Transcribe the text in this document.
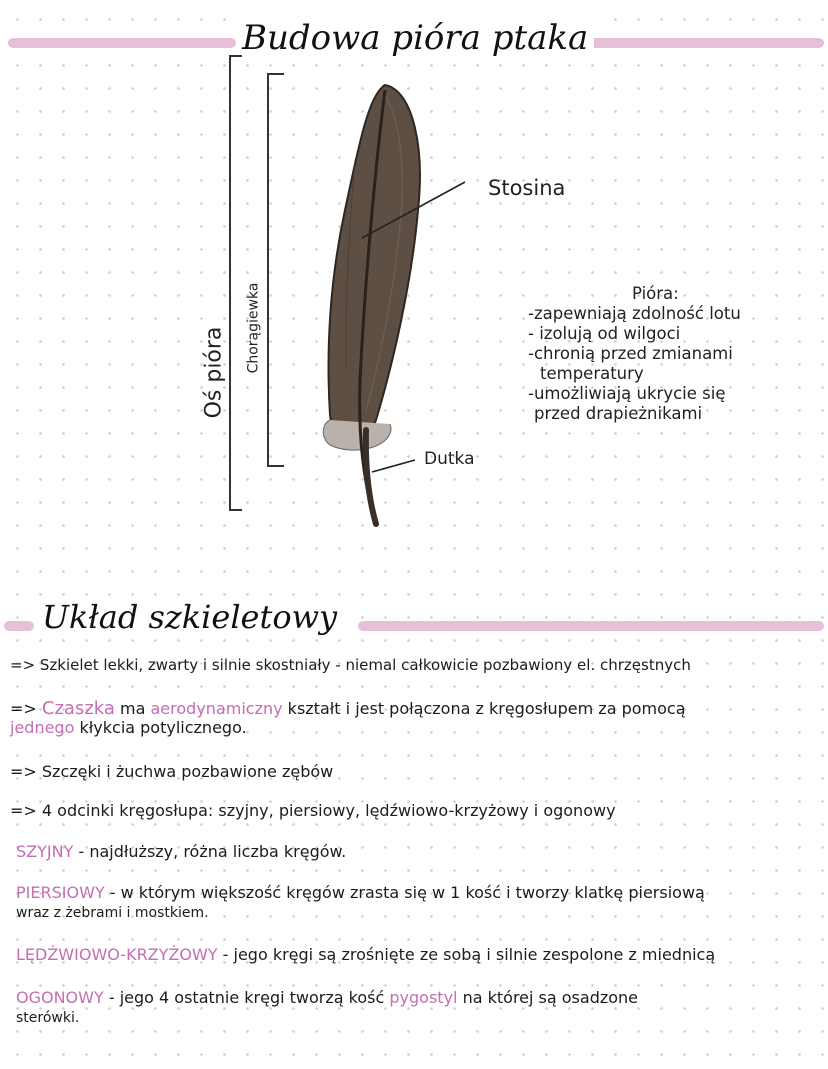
Budowa pióra ptaka
Oś pióra Chorągiewka
Stosina
Dutka
Pióra:
-zapewniają zdolność lotu
- izolują od wilgoci
-chronią przed zmianami
temperatury
-umożliwiają ukrycie się
przed drapieżnikami
Układ szkieletowy
=> Szkielet lekki, zwarty i silnie skostniały - niemal całkowicie pozbawiony el. chrzęstnych
=> Czaszka ma aerodynamiczny kształt i jest połączona z kręgosłupem za pomocą
jednego kłykcia potylicznego.
=> Szczęki i żuchwa pozbawione zębów
=> 4 odcinki kręgosłupa: szyjny, piersiowy, lędźwiowo-krzyżowy i ogonowy
SZYJNY - najdłuższy, różna liczba kręgów.
PIERSIOWY - w którym większość kręgów zrasta się w 1 kość i tworzy klatkę piersiową
wraz z żebrami i mostkiem.
LĘDŹWIOWO-KRZYŻOWY - jego kręgi są zrośnięte ze sobą i silnie zespolone z miednicą
OGONOWY - jego 4 ostatnie kręgi tworzą kość pygostyl na której są osadzone
sterówki.
